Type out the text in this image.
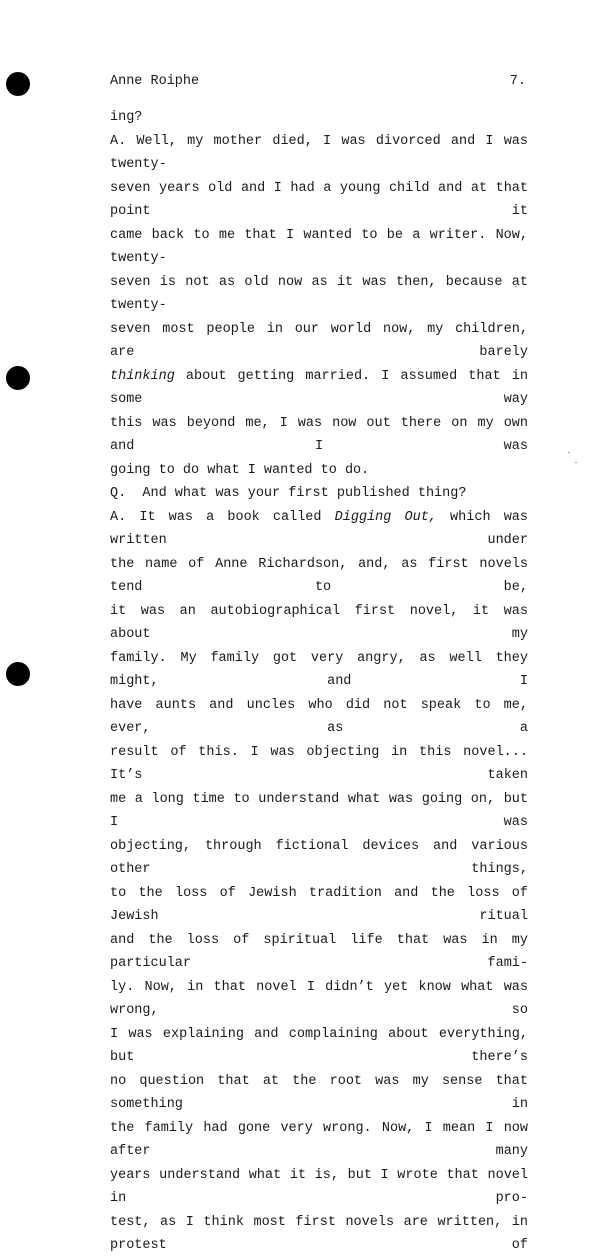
Anne Roiphe	7.
ing?
A. Well, my mother died, I was divorced and I was twenty-
seven years old and I had a young child and at that point it
came back to me that I wanted to be a writer. Now, twenty-
seven is not as old now as it was then, because at twenty-
seven most people in our world now, my children, are barely
thinking about getting married. I assumed that in some way
this was beyond me, I was now out there on my own and I was
going to do what I wanted to do.
Q.  And what was your first published thing?
A. It was a book called Digging Out, which was written under
the name of Anne Richardson, and, as first novels tend to be,
it was an autobiographical first novel, it was about my
family. My family got very angry, as well they might, and I
have aunts and uncles who did not speak to me, ever, as a
result of this. I was objecting in this novel... It’s taken
me a long time to understand what was going on, but I was
objecting, through fictional devices and various other things,
to the loss of Jewish tradition and the loss of Jewish ritual
and the loss of spiritual life that was in my particular fami-
ly. Now, in that novel I didn’t yet know what was wrong, so
I was explaining and complaining about everything, but there’s
no question that at the root was my sense that something in
the family had gone very wrong. Now, I mean I now after many
years understand what it is, but I wrote that novel in pro-
test, as I think most first novels are written, in protest of
